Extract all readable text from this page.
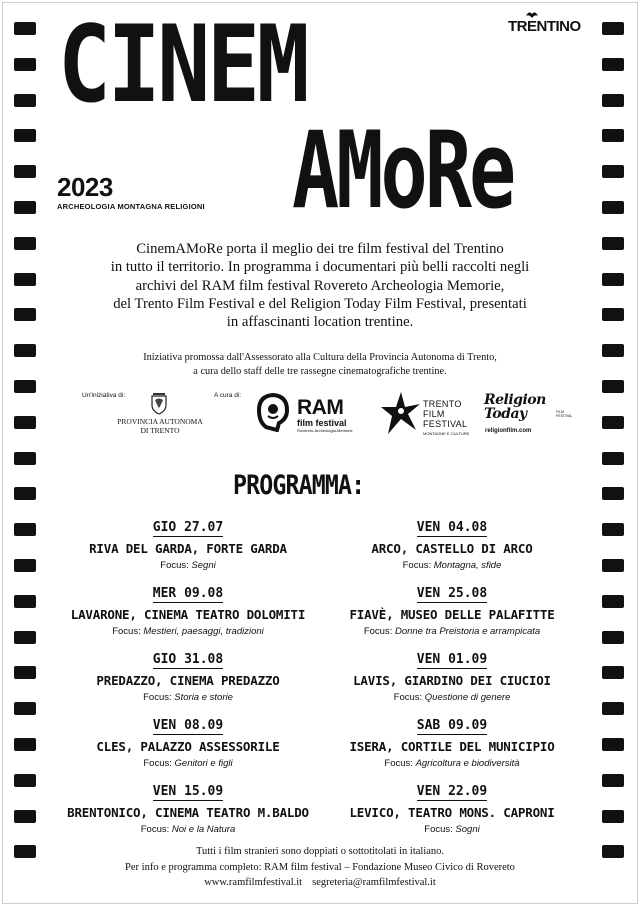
CINEM
AMoRe
2023
ARCHEOLOGIA MONTAGNA RELIGIONI
TRENTINO
CinemAMoRe porta il meglio dei tre film festival del Trentino
in tutto il territorio. In programma i documentari più belli raccolti negli
archivi del RAM film festival Rovereto Archeologia Memorie,
del Trento Film Festival e del Religion Today Film Festival, presentati
in affascinanti location trentine.
Iniziativa promossa dall'Assessorato alla Cultura della Provincia Autonoma di Trento,
a cura dello staff delle tre rassegne cinematografiche trentine.
Un'iniziativa di:
PROVINCIA AUTONOMA
DI TRENTO
A cura di:
RAM
film festival
Rovereto-Archeologia-Memorie
TRENTO
FILM
FESTIVAL
MONTAGNE E CULTURE
Religion
Today	FILM
FESTIVAL
religionfilm.com
PROGRAMMA:
GIO 27.07
RIVA DEL GARDA, FORTE GARDA
Focus: Segni
MER 09.08
LAVARONE, CINEMA TEATRO DOLOMITI
Focus: Mestieri, paesaggi, tradizioni
GIO 31.08
PREDAZZO, CINEMA PREDAZZO
Focus: Storia e storie
VEN 08.09
CLES, PALAZZO ASSESSORILE
Focus: Genitori e figli
VEN 15.09
BRENTONICO, CINEMA TEATRO M.BALDO
Focus: Noi e la Natura
VEN 04.08
ARCO, CASTELLO DI ARCO
Focus: Montagna, sfide
VEN 25.08
FIAVÈ, MUSEO DELLE PALAFITTE
Focus: Donne tra Preistoria e arrampicata
VEN 01.09
LAVIS, GIARDINO DEI CIUCIOI
Focus: Questione di genere
SAB 09.09
ISERA, CORTILE DEL MUNICIPIO
Focus: Agricoltura e biodiversità
VEN 22.09
LEVICO, TEATRO MONS. CAPRONI
Focus: Sogni
Tutti i film stranieri sono doppiati o sottotitolati in italiano.
Per info e programma completo: RAM film festival – Fondazione Museo Civico di Rovereto
www.ramfilmfestival.it segreteria@ramfilmfestival.it
